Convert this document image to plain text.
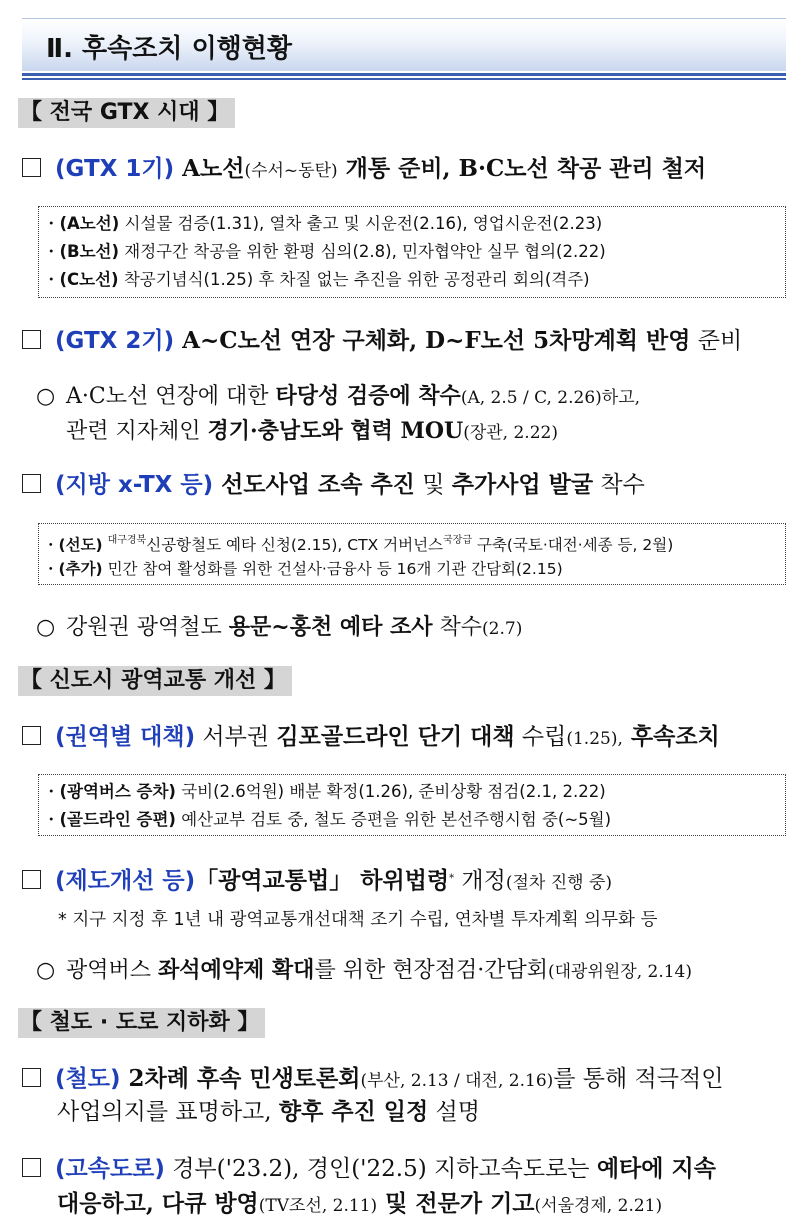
Ⅱ. 후속조치 이행현황
【 전국 GTX 시대 】
(GTX 1기) A노선(수서~동탄) 개통 준비, B·C노선 착공 관리 철저
・(A노선) 시설물 검증(1.31), 열차 출고 및 시운전(2.16), 영업시운전(2.23)
・(B노선) 재정구간 착공을 위한 환평 심의(2.8), 민자협약안 실무 협의(2.22)
・(C노선) 착공기념식(1.25) 후 차질 없는 추진을 위한 공정관리 회의(격주)
(GTX 2기) A~C노선 연장 구체화, D~F노선 5차망계획 반영 준비
○ A·C노선 연장에 대한 타당성 검증에 착수(A, 2.5 / C, 2.26)하고,
관련 지자체인 경기·충남도와 협력 MOU(장관, 2.22)
(지방 x-TX 등) 선도사업 조속 추진 및 추가사업 발굴 착수
・(선도) $^{대구경북}$신공항철도 예타 신청(2.15), CTX 거버넌스$^{국장급}$ 구축(국토·대전·세종 등, 2월)
・(추가) 민간 참여 활성화를 위한 건설사·금융사 등 16개 기관 간담회(2.15)
○ 강원권 광역철도 용문~홍천 예타 조사 착수(2.7)
【 신도시 광역교통 개선 】
(권역별 대책) 서부권 김포골드라인 단기 대책 수립(1.25), 후속조치
・(광역버스 증차) 국비(2.6억원) 배분 확정(1.26), 준비상황 점검(2.1, 2.22)
・(골드라인 증편) 예산교부 검토 중, 철도 증편을 위한 본선주행시험 중(~5월)
(제도개선 등)「광역교통법」 하위법령* 개정(절차 진행 중)
* 지구 지정 후 1년 내 광역교통개선대책 조기 수립, 연차별 투자계획 의무화 등
○ 광역버스 좌석예약제 확대를 위한 현장점검·간담회(대광위원장, 2.14)
【 철도 · 도로 지하화 】
(철도) 2차례 후속 민생토론회(부산, 2.13 / 대전, 2.16)를 통해 적극적인
사업의지를 표명하고, 향후 추진 일정 설명
(고속도로) 경부('23.2), 경인('22.5) 지하고속도로는 예타에 지속
대응하고, 다큐 방영(TV조선, 2.11) 및 전문가 기고(서울경제, 2.21)
